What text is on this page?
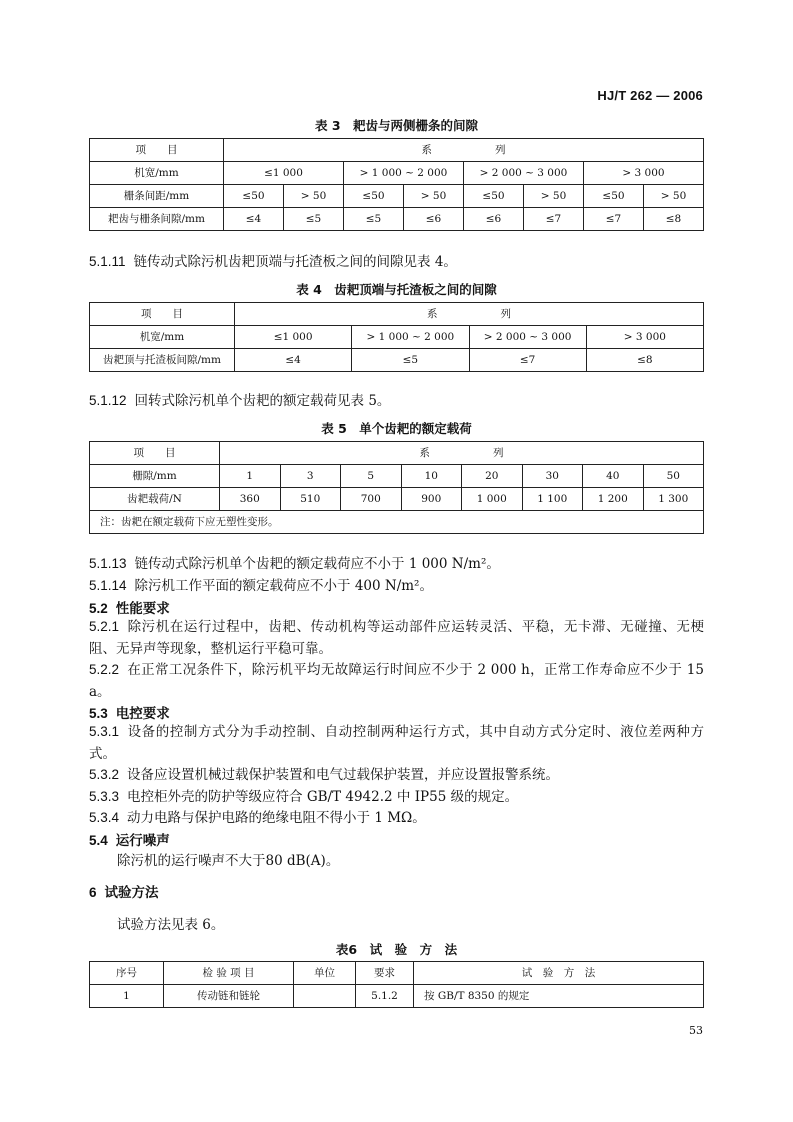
HJ/T 262 — 2006
表 3　耙齿与两侧栅条的间隙
项　　目	系　　　　　　列							
机宽/mm	≤1 000		> 1 000 ~ 2 000		> 2 000 ~ 3 000		> 3 000	
栅条间距/mm	≤50	> 50	≤50	> 50	≤50	> 50	≤50	> 50
耙齿与栅条间隙/mm	≤4	≤5	≤5	≤6	≤6	≤7	≤7	≤8
5.1.11 链传动式除污机齿耙顶端与托渣板之间的间隙见表 4。
表 4　齿耙顶端与托渣板之间的间隙
项　　目	系　　　　　　列			
机宽/mm	≤1 000	> 1 000 ~ 2 000	> 2 000 ~ 3 000	> 3 000
齿耙顶与托渣板间隙/mm	≤4	≤5	≤7	≤8
5.1.12 回转式除污机单个齿耙的额定载荷见表 5。
表 5　单个齿耙的额定载荷
项　　目	系　　　　　　列							
栅隙/mm	1	3	5	10	20	30	40	50
齿耙载荷/N	360	510	700	900	1 000	1 100	1 200	1 300
注：齿耙在额定载荷下应无塑性变形。								
5.1.13 链传动式除污机单个齿耙的额定载荷应不小于 1 000 N/m²。
5.1.14 除污机工作平面的额定载荷应不小于 400 N/m²。
5.2 性能要求
5.2.1 除污机在运行过程中，齿耙、传动机构等运动部件应运转灵活、平稳，无卡滞、无碰撞、无梗阻、无异声等现象，整机运行平稳可靠。
5.2.2 在正常工况条件下，除污机平均无故障运行时间应不少于 2 000 h，正常工作寿命应不少于 15 a。
5.3 电控要求
5.3.1 设备的控制方式分为手动控制、自动控制两种运行方式，其中自动方式分定时、液位差两种方式。
5.3.2 设备应设置机械过载保护装置和电气过载保护装置，并应设置报警系统。
5.3.3 电控柜外壳的防护等级应符合 GB/T 4942.2 中 IP55 级的规定。
5.3.4 动力电路与保护电路的绝缘电阻不得小于 1 MΩ。
5.4 运行噪声
除污机的运行噪声不大于80 dB(A)。
6 试验方法
试验方法见表 6。
表6　试　验　方　法
序号	检 验 项 目	单位	要求	试　验　方　法
1	传动链和链轮		5.1.2	按 GB/T 8350 的规定
53
